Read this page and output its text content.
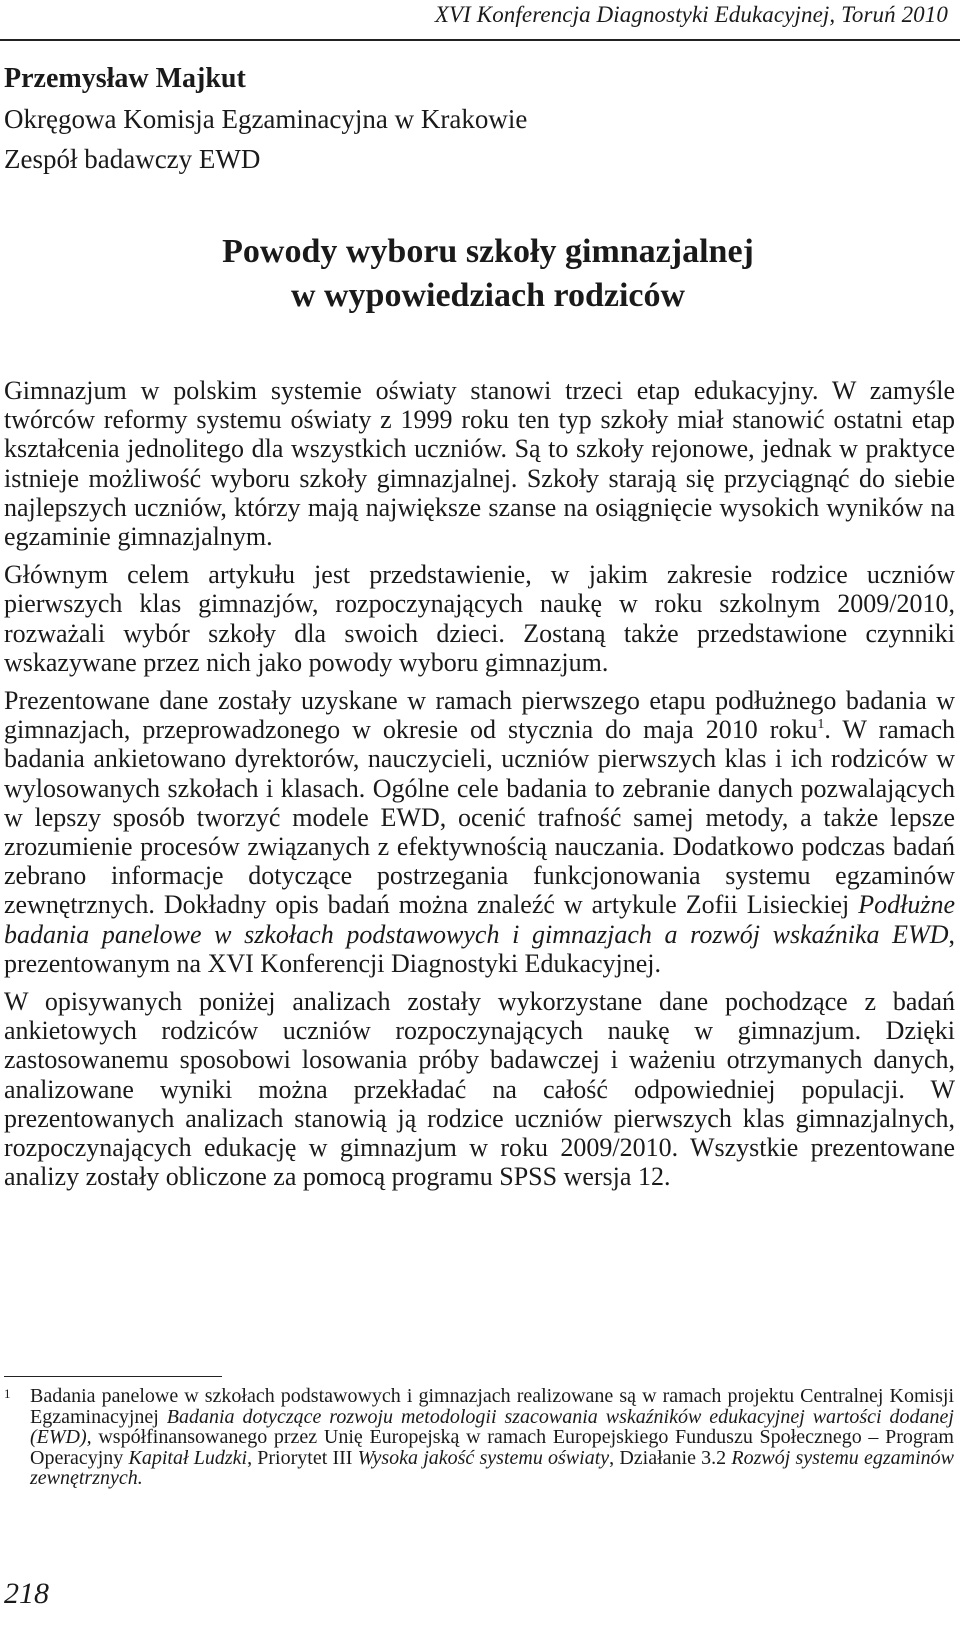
XVI Konferencja Diagnostyki Edukacyjnej, Toruń 2010
Przemysław Majkut
Okręgowa Komisja Egzaminacyjna w Krakowie
Zespół badawczy EWD
Powody wyboru szkoły gimnazjalnej
w wypowiedziach rodziców

Gimnazjum w polskim systemie oświaty stanowi trzeci etap edukacyjny. W zamyśle twórców reformy systemu oświaty z 1999 roku ten typ szkoły miał stanowić ostatni etap kształcenia jednolitego dla wszystkich uczniów. Są to szkoły rejonowe, jednak w praktyce istnieje możliwość wyboru szkoły gimnazjalnej. Szkoły starają się przyciągnąć do siebie najlepszych uczniów, którzy mają największe szanse na osiągnięcie wysokich wyników na egzaminie gimnazjalnym.

Głównym celem artykułu jest przedstawienie, w jakim zakresie rodzice uczniów pierwszych klas gimnazjów, rozpoczynających naukę w roku szkolnym 2009/2010, rozważali wybór szkoły dla swoich dzieci. Zostaną także przedstawione czynniki wskazywane przez nich jako powody wyboru gimnazjum.

Prezentowane dane zostały uzyskane w ramach pierwszego etapu podłużnego badania w gimnazjach, przeprowadzonego w okresie od stycznia do maja 2010 roku$^1$. W ramach badania ankietowano dyrektorów, nauczycieli, uczniów pierwszych klas i ich rodziców w wylosowanych szkołach i klasach. Ogólne cele badania to zebranie danych pozwalających w lepszy sposób tworzyć modele EWD, ocenić trafność samej metody, a także lepsze zrozumienie procesów związanych z efektywnością nauczania. Dodatkowo podczas badań zebrano informacje dotyczące postrzegania funkcjonowania systemu egzaminów zewnętrznych. Dokładny opis badań można znaleźć w artykule Zofii Lisieckiej Podłużne badania panelowe w szkołach podstawowych i gimnazjach a rozwój wskaźnika EWD, prezentowanym na XVI Konferencji Diagnostyki Edukacyjnej.

W opisywanych poniżej analizach zostały wykorzystane dane pochodzące z badań ankietowych rodziców uczniów rozpoczynających naukę w gimnazjum. Dzięki zastosowanemu sposobowi losowania próby badawczej i ważeniu otrzymanych danych, analizowane wyniki można przekładać na całość odpowiedniej populacji. W prezentowanych analizach stanowią ją rodzice uczniów pierwszych klas gimnazjalnych, rozpoczynających edukację w gimnazjum w roku 2009/2010. Wszystkie prezentowane analizy zostały obliczone za pomocą programu SPSS wersja 12.

1 Badania panelowe w szkołach podstawowych i gimnazjach realizowane są w ramach projektu Centralnej Komisji Egzaminacyjnej Badania dotyczące rozwoju metodologii szacowania wskaźników edukacyjnej wartości dodanej (EWD), współfinansowanego przez Unię Europejską w ramach Europejskiego Funduszu Społecznego – Program Operacyjny Kapitał Ludzki, Priorytet III Wysoka jakość systemu oświaty, Działanie 3.2 Rozwój systemu egzaminów zewnętrznych.
218
